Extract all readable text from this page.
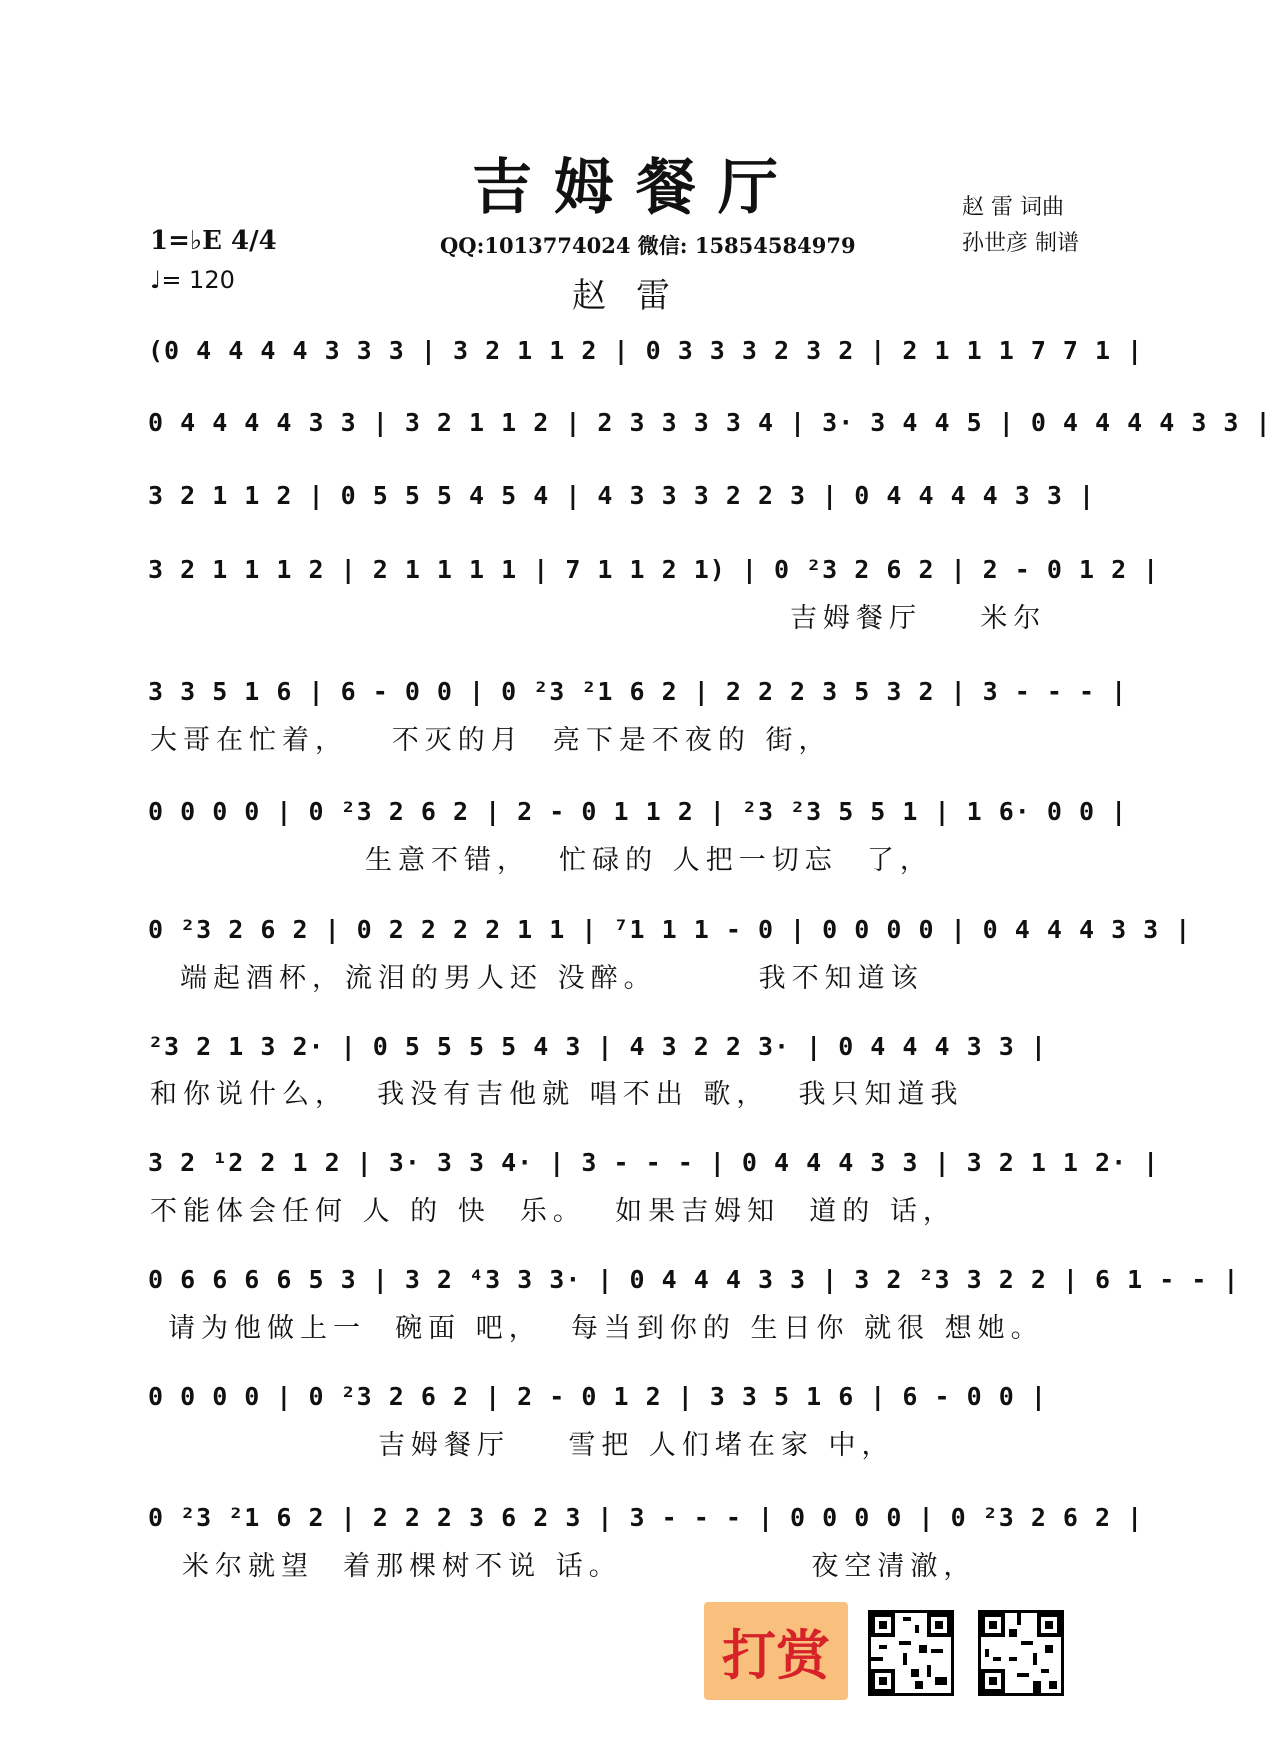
吉姆餐厅	赵 雷 词曲
孙世彦 制谱
1=♭E 4/4
♩= 120
QQ:1013774024 微信: 15854584979
赵雷
(0 4 4 4 4 3 3 3 | 3 2 1 1 2 | 0 3 3 3 2 3 2 | 2 1 1 1 7 7 1 |
0 4 4 4 4 3 3 | 3 2 1 1 2 | 2 3 3 3 3 4 | 3· 3 4 4 5 | 0 4 4 4 4 3 3 |
3 2 1 1 2 | 0 5 5 5 4 5 4 | 4 3 3 3 2 2 3 | 0 4 4 4 4 3 3 |
3 2 1 1 1 2 | 2 1 1 1 1 | 7 1 1 2 1) | 0 ²3 2 6 2 | 2 - 0 1 2 |
吉姆餐厅    米尔
3 3 5 1 6 | 6 - 0 0 | 0 ²3 ²1 6 2 | 2 2 2 3 5 3 2 | 3 - - - |
大哥在忙着，   不灭的月  亮下是不夜的 街，
0 0 0 0 | 0 ²3 2 6 2 | 2 - 0 1 1 2 | ²3 ²3 5 5 1 | 1 6· 0 0 |
生意不错，  忙碌的 人把一切忘  了，
0 ²3 2 6 2 | 0 2 2 2 2 1 1 | ⁷1 1 1 - 0 | 0 0 0 0 | 0 4 4 4 3 3 |
端起酒杯，流泪的男人还 没醉。       我不知道该
²3 2 1 3 2· | 0 5 5 5 5 4 3 | 4 3 2 2 3· | 0 4 4 4 3 3 |
和你说什么，  我没有吉他就 唱不出 歌，  我只知道我
3 2 ¹2 2 1 2 | 3· 3 3 4· | 3 - - - | 0 4 4 4 3 3 | 3 2 1 1 2· |
不能体会任何 人 的 快  乐。  如果吉姆知  道的 话，
0 6 6 6 6 5 3 | 3 2 ⁴3 3 3· | 0 4 4 4 3 3 | 3 2 ²3 3 2 2 | 6 1 - - |
请为他做上一  碗面 吧，  每当到你的 生日你 就很 想她。
0 0 0 0 | 0 ²3 2 6 2 | 2 - 0 1 2 | 3 3 5 1 6 | 6 - 0 0 |
吉姆餐厅    雪把 人们堵在家 中，
0 ²3 ²1 6 2 | 2 2 2 3 6 2 3 | 3 - - - | 0 0 0 0 | 0 ²3 2 6 2 |
米尔就望  着那棵树不说 话。             夜空清澈，
打赏
